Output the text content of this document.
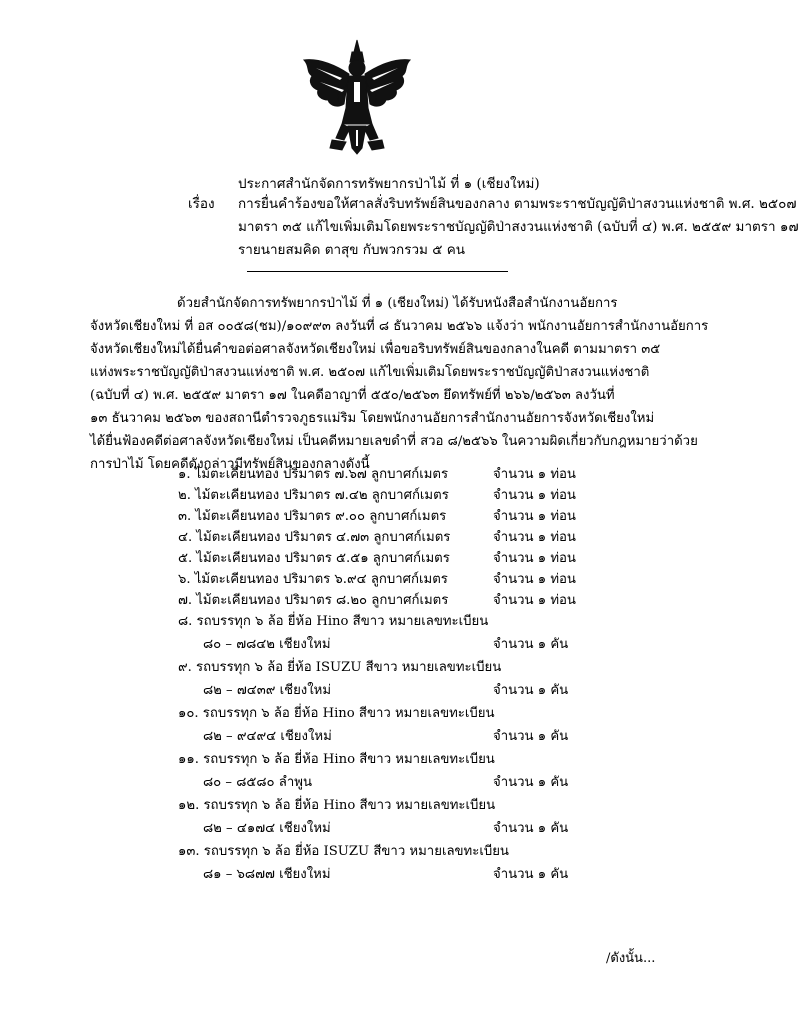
ประกาศสำนักจัดการทรัพยากรป่าไม้ ที่ ๑ (เชียงใหม่)
เรื่อง การยื่นคำร้องขอให้ศาลสั่งริบทรัพย์สินของกลาง ตามพระราชบัญญัติป่าสงวนแห่งชาติ พ.ศ. ๒๕๐๗
มาตรา ๓๕ แก้ไขเพิ่มเติมโดยพระราชบัญญัติป่าสงวนแห่งชาติ (ฉบับที่ ๔) พ.ศ. ๒๕๕๙ มาตรา ๑๗
รายนายสมคิด ตาสุข กับพวกรวม ๕ คน
ด้วยสำนักจัดการทรัพยากรป่าไม้ ที่ ๑ (เชียงใหม่) ได้รับหนังสือสำนักงานอัยการ
จังหวัดเชียงใหม่ ที่ อส ๐๐๕๘(ชม)/๑๐๙๙๓ ลงวันที่ ๘ ธันวาคม ๒๕๖๖ แจ้งว่า พนักงานอัยการสำนักงานอัยการ
จังหวัดเชียงใหม่ได้ยื่นคำขอต่อศาลจังหวัดเชียงใหม่ เพื่อขอริบทรัพย์สินของกลางในคดี ตามมาตรา ๓๕
แห่งพระราชบัญญัติป่าสงวนแห่งชาติ พ.ศ. ๒๕๐๗ แก้ไขเพิ่มเติมโดยพระราชบัญญัติป่าสงวนแห่งชาติ
(ฉบับที่ ๔) พ.ศ. ๒๕๕๙ มาตรา ๑๗ ในคดีอาญาที่ ๕๕๐/๒๕๖๓ ยึดทรัพย์ที่ ๒๖๖/๒๕๖๓ ลงวันที่
๑๓ ธันวาคม ๒๕๖๓ ของสถานีตำรวจภูธรแม่ริม โดยพนักงานอัยการสำนักงานอัยการจังหวัดเชียงใหม่
ได้ยื่นฟ้องคดีต่อศาลจังหวัดเชียงใหม่ เป็นคดีหมายเลขดำที่ สวอ ๘/๒๕๖๖ ในความผิดเกี่ยวกับกฎหมายว่าด้วย
การป่าไม้ โดยคดีดังกล่าวมีทรัพย์สินของกลางดังนี้
๑. ไม้ตะเคียนทอง ปริมาตร ๗.๖๗ ลูกบาศก์เมตร	จำนวน ๑ ท่อน
๒. ไม้ตะเคียนทอง ปริมาตร ๗.๔๒ ลูกบาศก์เมตร	จำนวน ๑ ท่อน
๓. ไม้ตะเคียนทอง ปริมาตร ๙.๐๐ ลูกบาศก์เมตร	จำนวน ๑ ท่อน
๔. ไม้ตะเคียนทอง ปริมาตร ๔.๗๓ ลูกบาศก์เมตร	จำนวน ๑ ท่อน
๕. ไม้ตะเคียนทอง ปริมาตร ๕.๕๑ ลูกบาศก์เมตร	จำนวน ๑ ท่อน
๖. ไม้ตะเคียนทอง ปริมาตร ๖.๙๔ ลูกบาศก์เมตร	จำนวน ๑ ท่อน
๗. ไม้ตะเคียนทอง ปริมาตร ๘.๒๐ ลูกบาศก์เมตร	จำนวน ๑ ท่อน
๘. รถบรรทุก ๖ ล้อ ยี่ห้อ Hino สีขาว หมายเลขทะเบียน
๘๐ – ๗๘๔๒ เชียงใหม่	จำนวน ๑ คัน
๙. รถบรรทุก ๖ ล้อ ยี่ห้อ ISUZU สีขาว หมายเลขทะเบียน
๘๒ – ๗๔๓๙ เชียงใหม่	จำนวน ๑ คัน
๑๐. รถบรรทุก ๖ ล้อ ยี่ห้อ Hino สีขาว หมายเลขทะเบียน
๘๒ – ๙๔๙๔ เชียงใหม่	จำนวน ๑ คัน
๑๑. รถบรรทุก ๖ ล้อ ยี่ห้อ Hino สีขาว หมายเลขทะเบียน
๘๐ – ๘๕๘๐ ลำพูน	จำนวน ๑ คัน
๑๒. รถบรรทุก ๖ ล้อ ยี่ห้อ Hino สีขาว หมายเลขทะเบียน
๘๒ – ๔๑๗๔ เชียงใหม่	จำนวน ๑ คัน
๑๓. รถบรรทุก ๖ ล้อ ยี่ห้อ ISUZU สีขาว หมายเลขทะเบียน
๘๑ – ๖๘๗๗ เชียงใหม่	จำนวน ๑ คัน
/ดังนั้น...
